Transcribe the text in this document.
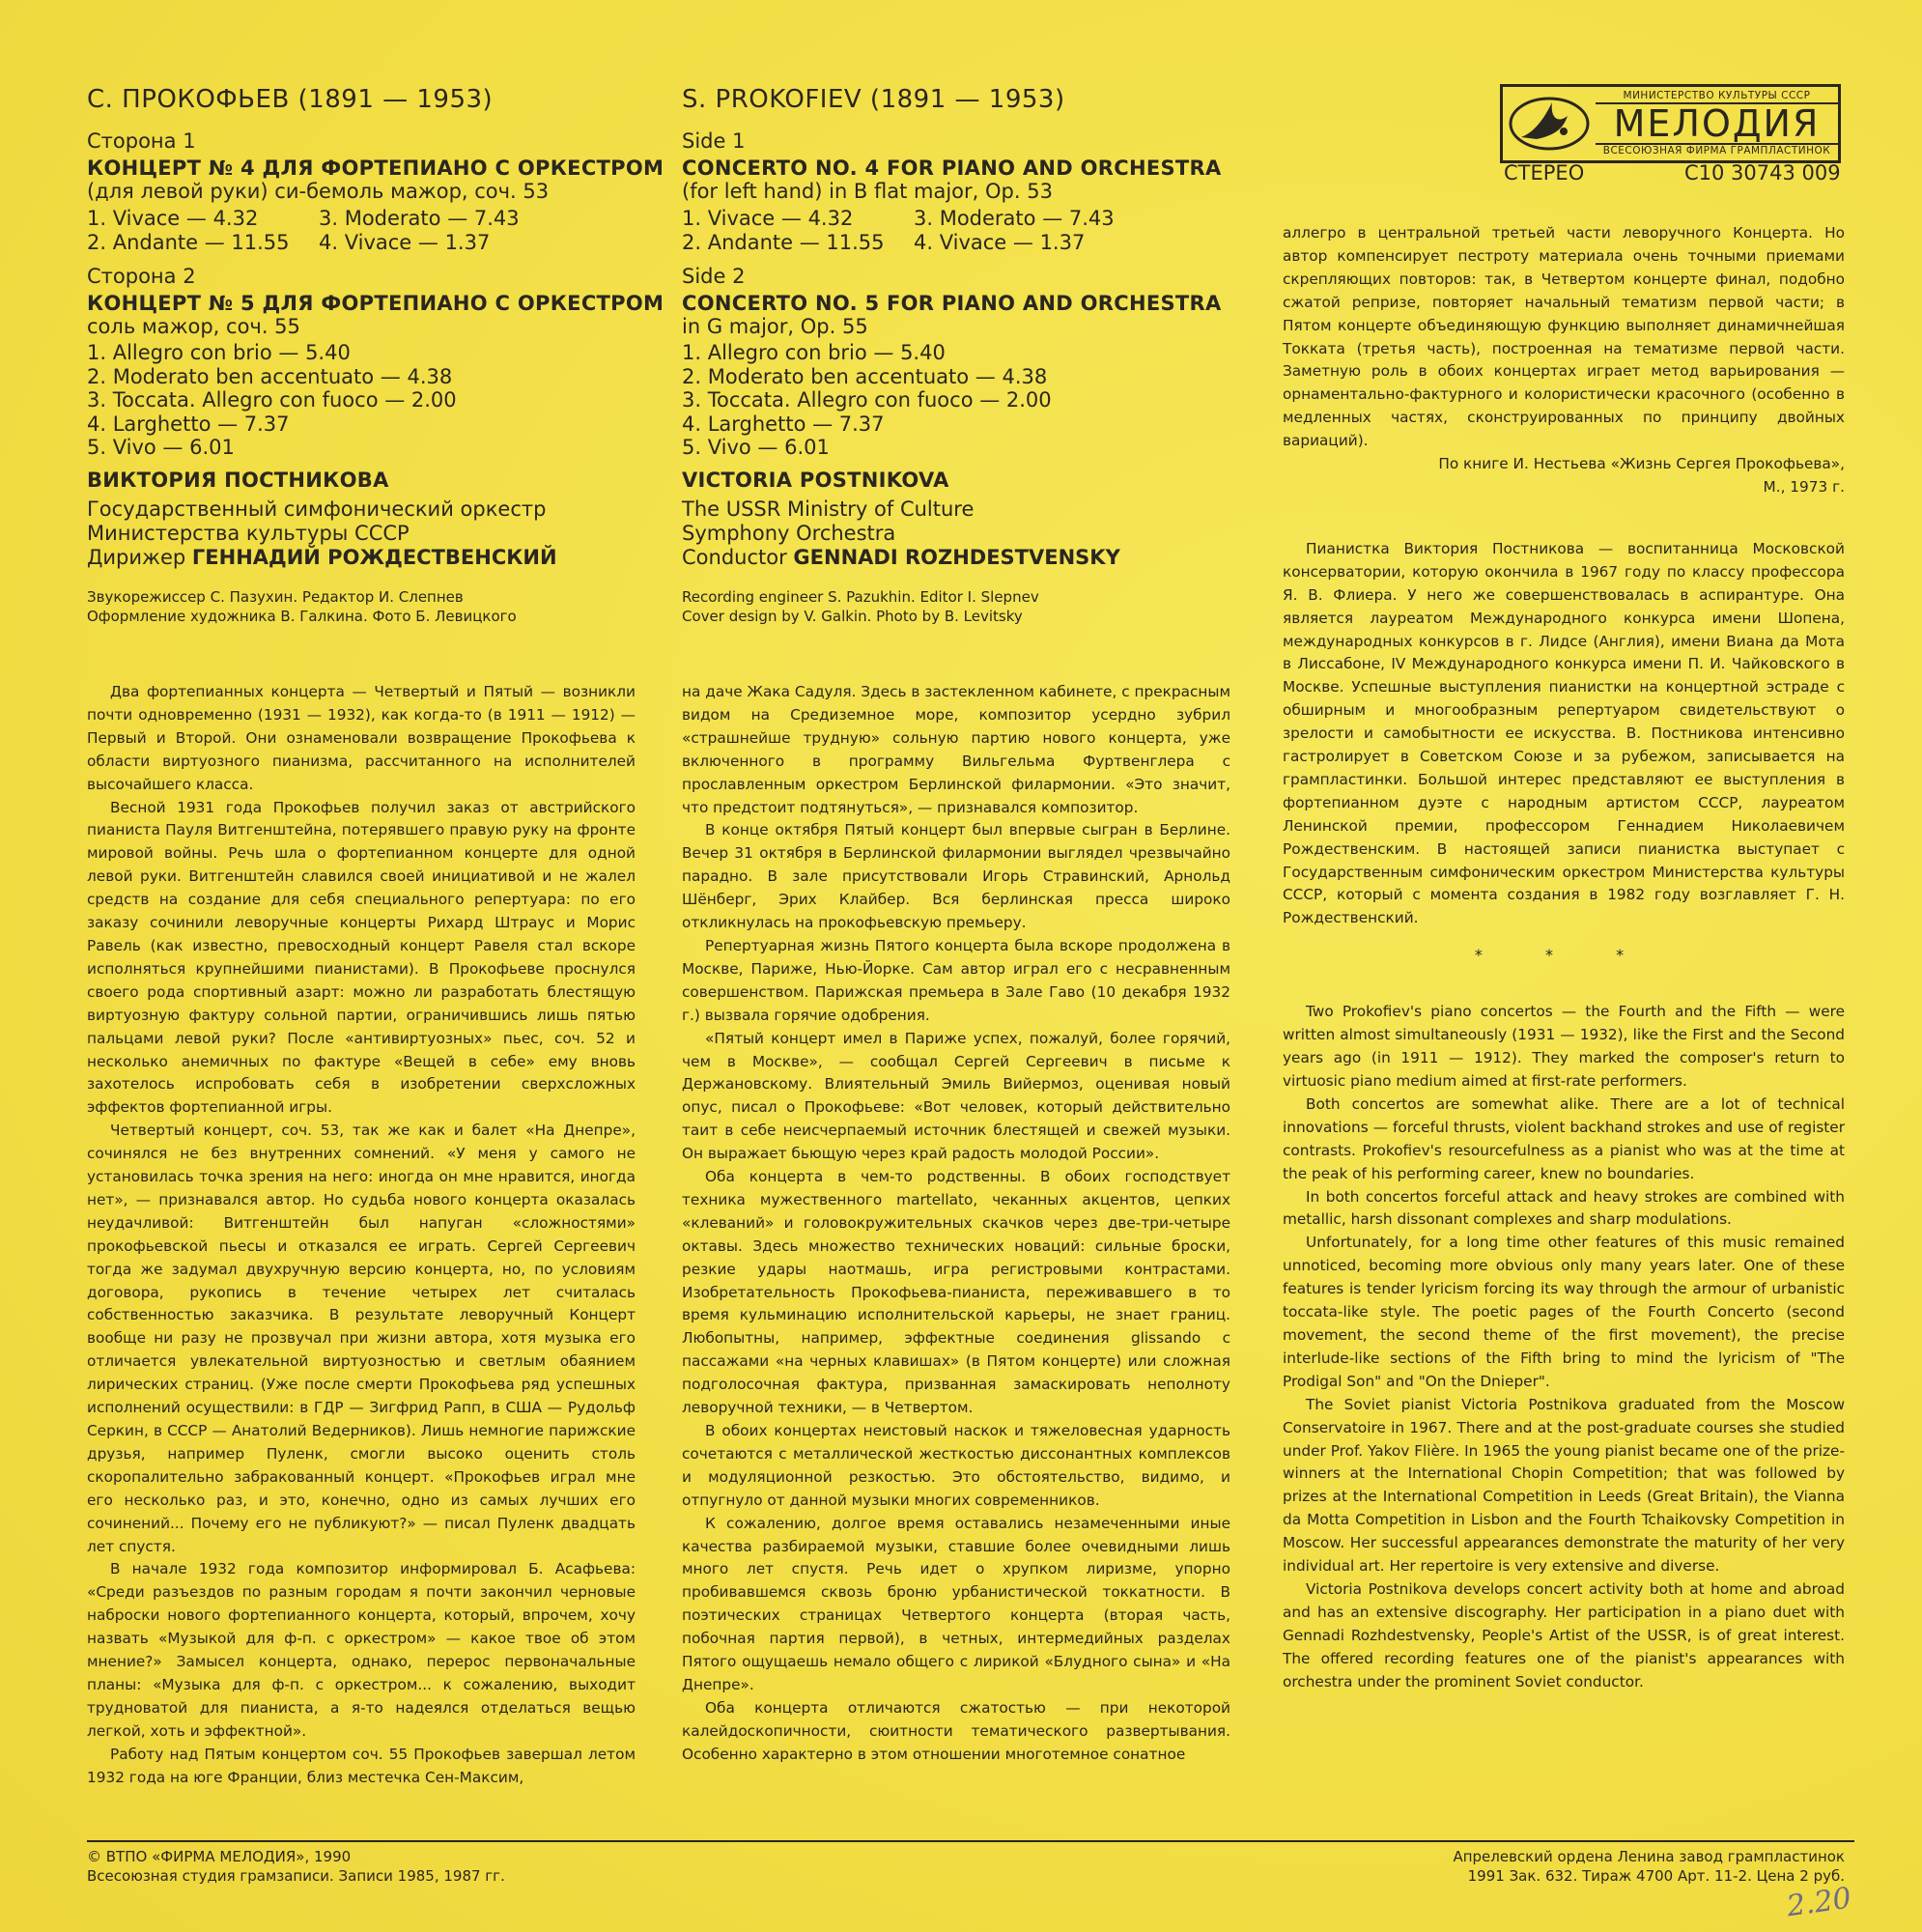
С. ПРОКОФЬЕВ (1891 — 1953)
Сторона 1
КОНЦЕРТ № 4 ДЛЯ ФОРТЕПИАНО С ОРКЕСТРОМ
(для левой руки) си-бемоль мажор, соч. 53
1. Vivace — 4.32	3. Moderato — 7.43
2. Andante — 11.55	4. Vivace — 1.37
Сторона 2
КОНЦЕРТ № 5 ДЛЯ ФОРТЕПИАНО С ОРКЕСТРОМ
соль мажор, соч. 55
1. Allegro con brio — 5.40
2. Moderato ben accentuato — 4.38
3. Toccata. Allegro con fuoco — 2.00
4. Larghetto — 7.37
5. Vivo — 6.01
ВИКТОРИЯ ПОСТНИКОВА
Государственный симфонический оркестр
Министерства культуры СССР
Дирижер ГЕННАДИЙ РОЖДЕСТВЕНСКИЙ
Звукорежиссер С. Пазухин. Редактор И. Слепнев
Оформление художника В. Галкина. Фото Б. Левицкого
S. PROKOFIEV (1891 — 1953)
Side 1
CONCERTO NO. 4 FOR PIANO AND ORCHESTRA
(for left hand) in B flat major, Op. 53
1. Vivace — 4.32	3. Moderato — 7.43
2. Andante — 11.55	4. Vivace — 1.37
Side 2
CONCERTO NO. 5 FOR PIANO AND ORCHESTRA
in G major, Op. 55
1. Allegro con brio — 5.40
2. Moderato ben accentuato — 4.38
3. Toccata. Allegro con fuoco — 2.00
4. Larghetto — 7.37
5. Vivo — 6.01
VICTORIA POSTNIKOVA
The USSR Ministry of Culture
Symphony Orchestra
Conductor GENNADI ROZHDESTVENSKY
Recording engineer S. Pazukhin. Editor I. Slepnev
Cover design by V. Galkin. Photo by B. Levitsky
МИНИСТЕРСТВО КУЛЬТУРЫ СССР
МЕЛОДИЯ
ВСЕСОЮЗНАЯ ФИРМА ГРАМПЛАСТИНОК
СТЕРЕО	С10 30743 009

Два фортепианных концерта — Четвертый и Пятый — возникли почти одновременно (1931 — 1932), как когда-то (в 1911 — 1912) — Первый и Второй. Они ознаменовали возвращение Прокофьева к области виртуозного пианизма, рассчитанного на исполнителей высочайшего класса.

Весной 1931 года Прокофьев получил заказ от австрийского пианиста Пауля Витгенштейна, потерявшего правую руку на фронте мировой войны. Речь шла о фортепианном концерте для одной левой руки. Витгенштейн славился своей инициативой и не жалел средств на создание для себя специального репертуара: по его заказу сочинили леворучные концерты Рихард Штраус и Морис Равель (как известно, превосходный концерт Равеля стал вскоре исполняться крупнейшими пианистами). В Прокофьеве проснулся своего рода спортивный азарт: можно ли разработать блестящую виртуозную фактуру сольной партии, ограничившись лишь пятью пальцами левой руки? После «антивиртуозных» пьес, соч. 52 и несколько анемичных по фактуре «Вещей в себе» ему вновь захотелось испробовать себя в изобретении сверхсложных эффектов фортепианной игры.

Четвертый концерт, соч. 53, так же как и балет «На Днепре», сочинялся не без внутренних сомнений. «У меня у самого не установилась точка зрения на него: иногда он мне нравится, иногда нет», — признавался автор. Но судьба нового концерта оказалась неудачливой: Витгенштейн был напуган «сложностями» прокофьевской пьесы и отказался ее играть. Сергей Сергеевич тогда же задумал двухручную версию концерта, но, по условиям договора, рукопись в течение четырех лет считалась собственностью заказчика. В результате леворучный Концерт вообще ни разу не прозвучал при жизни автора, хотя музыка его отличается увлекательной виртуозностью и светлым обаянием лирических страниц. (Уже после смерти Прокофьева ряд успешных исполнений осуществили: в ГДР — Зигфрид Рапп, в США — Рудольф Серкин, в СССР — Анатолий Ведерников). Лишь немногие парижские друзья, например Пуленк, смогли высоко оценить столь скоропалительно забракованный концерт. «Прокофьев играл мне его несколько раз, и это, конечно, одно из самых лучших его сочинений... Почему его не публикуют?» — писал Пуленк двадцать лет спустя.

В начале 1932 года композитор информировал Б. Асафьева: «Среди разъездов по разным городам я почти закончил черновые наброски нового фортепианного концерта, который, впрочем, хочу назвать «Музыкой для ф-п. с оркестром» — какое твое об этом мнение?» Замысел концерта, однако, перерос первоначальные планы: «Музыка для ф-п. с оркестром... к сожалению, выходит трудноватой для пианиста, а я-то надеялся отделаться вещью легкой, хоть и эффектной».

Работу над Пятым концертом соч. 55 Прокофьев завершал летом 1932 года на юге Франции, близ местечка Сен-Максим,

на даче Жака Садуля. Здесь в застекленном кабинете, с прекрасным видом на Средиземное море, композитор усердно зубрил «страшнейше трудную» сольную партию нового концерта, уже включенного в программу Вильгельма Фуртвенглера с прославленным оркестром Берлинской филармонии. «Это значит, что предстоит подтянуться», — признавался композитор.

В конце октября Пятый концерт был впервые сыгран в Берлине. Вечер 31 октября в Берлинской филармонии выглядел чрезвычайно парадно. В зале присутствовали Игорь Стравинский, Арнольд Шёнберг, Эрих Клайбер. Вся берлинская пресса широко откликнулась на прокофьевскую премьеру.

Репертуарная жизнь Пятого концерта была вскоре продолжена в Москве, Париже, Нью-Йорке. Сам автор играл его с несравненным совершенством. Парижская премьера в Зале Гаво (10 декабря 1932 г.) вызвала горячие одобрения.

«Пятый концерт имел в Париже успех, пожалуй, более горячий, чем в Москве», — сообщал Сергей Сергеевич в письме к Держановскому. Влиятельный Эмиль Вийермоз, оценивая новый опус, писал о Прокофьеве: «Вот человек, который действительно таит в себе неисчерпаемый источник блестящей и свежей музыки. Он выражает бьющую через край радость молодой России».

Оба концерта в чем-то родственны. В обоих господствует техника мужественного martellato, чеканных акцентов, цепких «клеваний» и головокружительных скачков через две-три-четыре октавы. Здесь множество технических новаций: сильные броски, резкие удары наотмашь, игра регистровыми контрастами. Изобретательность Прокофьева-пианиста, переживавшего в то время кульминацию исполнительской карьеры, не знает границ. Любопытны, например, эффектные соединения glissando с пассажами «на черных клавишах» (в Пятом концерте) или сложная подголосочная фактура, призванная замаскировать неполноту леворучной техники, — в Четвертом.

В обоих концертах неистовый наскок и тяжеловесная ударность сочетаются с металлической жесткостью диссонантных комплексов и модуляционной резкостью. Это обстоятельство, видимо, и отпугнуло от данной музыки многих современников.

К сожалению, долгое время оставались незамеченными иные качества разбираемой музыки, ставшие более очевидными лишь много лет спустя. Речь идет о хрупком лиризме, упорно пробивавшемся сквозь броню урбанистической токкатности. В поэтических страницах Четвертого концерта (вторая часть, побочная партия первой), в четных, интермедийных разделах Пятого ощущаешь немало общего с лирикой «Блудного сына» и «На Днепре».

Оба концерта отличаются сжатостью — при некоторой калейдоскопичности, сюитности тематического развертывания. Особенно характерно в этом отношении многотемное сонатное

аллегро в центральной третьей части леворучного Концерта. Но автор компенсирует пестроту материала очень точными приемами скрепляющих повторов: так, в Четвертом концерте финал, подобно сжатой репризе, повторяет начальный тематизм первой части; в Пятом концерте объединяющую функцию выполняет динамичнейшая Токката (третья часть), построенная на тематизме первой части. Заметную роль в обоих концертах играет метод варьирования — орнаментально-фактурного и колористически красочного (особенно в медленных частях, сконструированных по принципу двойных вариаций).

По книге И. Нестьева «Жизнь Сергея Прокофьева»,

М., 1973 г.

Пианистка Виктория Постникова — воспитанница Московской консерватории, которую окончила в 1967 году по классу профессора Я. В. Флиера. У него же совершенствовалась в аспирантуре. Она является лауреатом Международного конкурса имени Шопена, международных конкурсов в г. Лидсе (Англия), имени Виана да Мота в Лиссабоне, IV Международного конкурса имени П. И. Чайковского в Москве. Успешные выступления пианистки на концертной эстраде с обширным и многообразным репертуаром свидетельствуют о зрелости и самобытности ее искусства. В. Постникова интенсивно гастролирует в Советском Союзе и за рубежом, записывается на грампластинки. Большой интерес представляют ее выступления в фортепианном дуэте с народным артистом СССР, лауреатом Ленинской премии, профессором Геннадием Николаевичем Рождественским. В настоящей записи пианистка выступает с Государственным симфоническим оркестром Министерства культуры СССР, который с момента создания в 1982 году возглавляет Г. Н. Рождественский.

* * *

Two Prokofiev's piano concertos — the Fourth and the Fifth — were written almost simultaneously (1931 — 1932), like the First and the Second years ago (in 1911 — 1912). They marked the composer's return to virtuosic piano medium aimed at first-rate performers.

Both concertos are somewhat alike. There are a lot of technical innovations — forceful thrusts, violent backhand strokes and use of register contrasts. Prokofiev's resourcefulness as a pianist who was at the time at the peak of his performing career, knew no boundaries.

In both concertos forceful attack and heavy strokes are combined with metallic, harsh dissonant complexes and sharp modulations.

Unfortunately, for a long time other features of this music remained unnoticed, becoming more obvious only many years later. One of these features is tender lyricism forcing its way through the armour of urbanistic toccata-like style. The poetic pages of the Fourth Concerto (second movement, the second theme of the first movement), the precise interlude-like sections of the Fifth bring to mind the lyricism of "The Prodigal Son" and "On the Dnieper".

The Soviet pianist Victoria Postnikova graduated from the Moscow Conservatoire in 1967. There and at the post-graduate courses she studied under Prof. Yakov Flière. In 1965 the young pianist became one of the prize-winners at the International Chopin Competition; that was followed by prizes at the International Competition in Leeds (Great Britain), the Vianna da Motta Competition in Lisbon and the Fourth Tchaikovsky Competition in Moscow. Her successful appearances demonstrate the maturity of her very individual art. Her repertoire is very extensive and diverse.

Victoria Postnikova develops concert activity both at home and abroad and has an extensive discography. Her participation in a piano duet with Gennadi Rozhdestvensky, People's Artist of the USSR, is of great interest. The offered recording features one of the pianist's appearances with orchestra under the prominent Soviet conductor.

© ВТПО «ФИРМА МЕЛОДИЯ», 1990
Всесоюзная студия грамзаписи. Записи 1985, 1987 гг.
Апрелевский ордена Ленина завод грампластинок
1991 Зак. 632. Тираж 4700 Арт. 11-2. Цена 2 руб.
2.20
